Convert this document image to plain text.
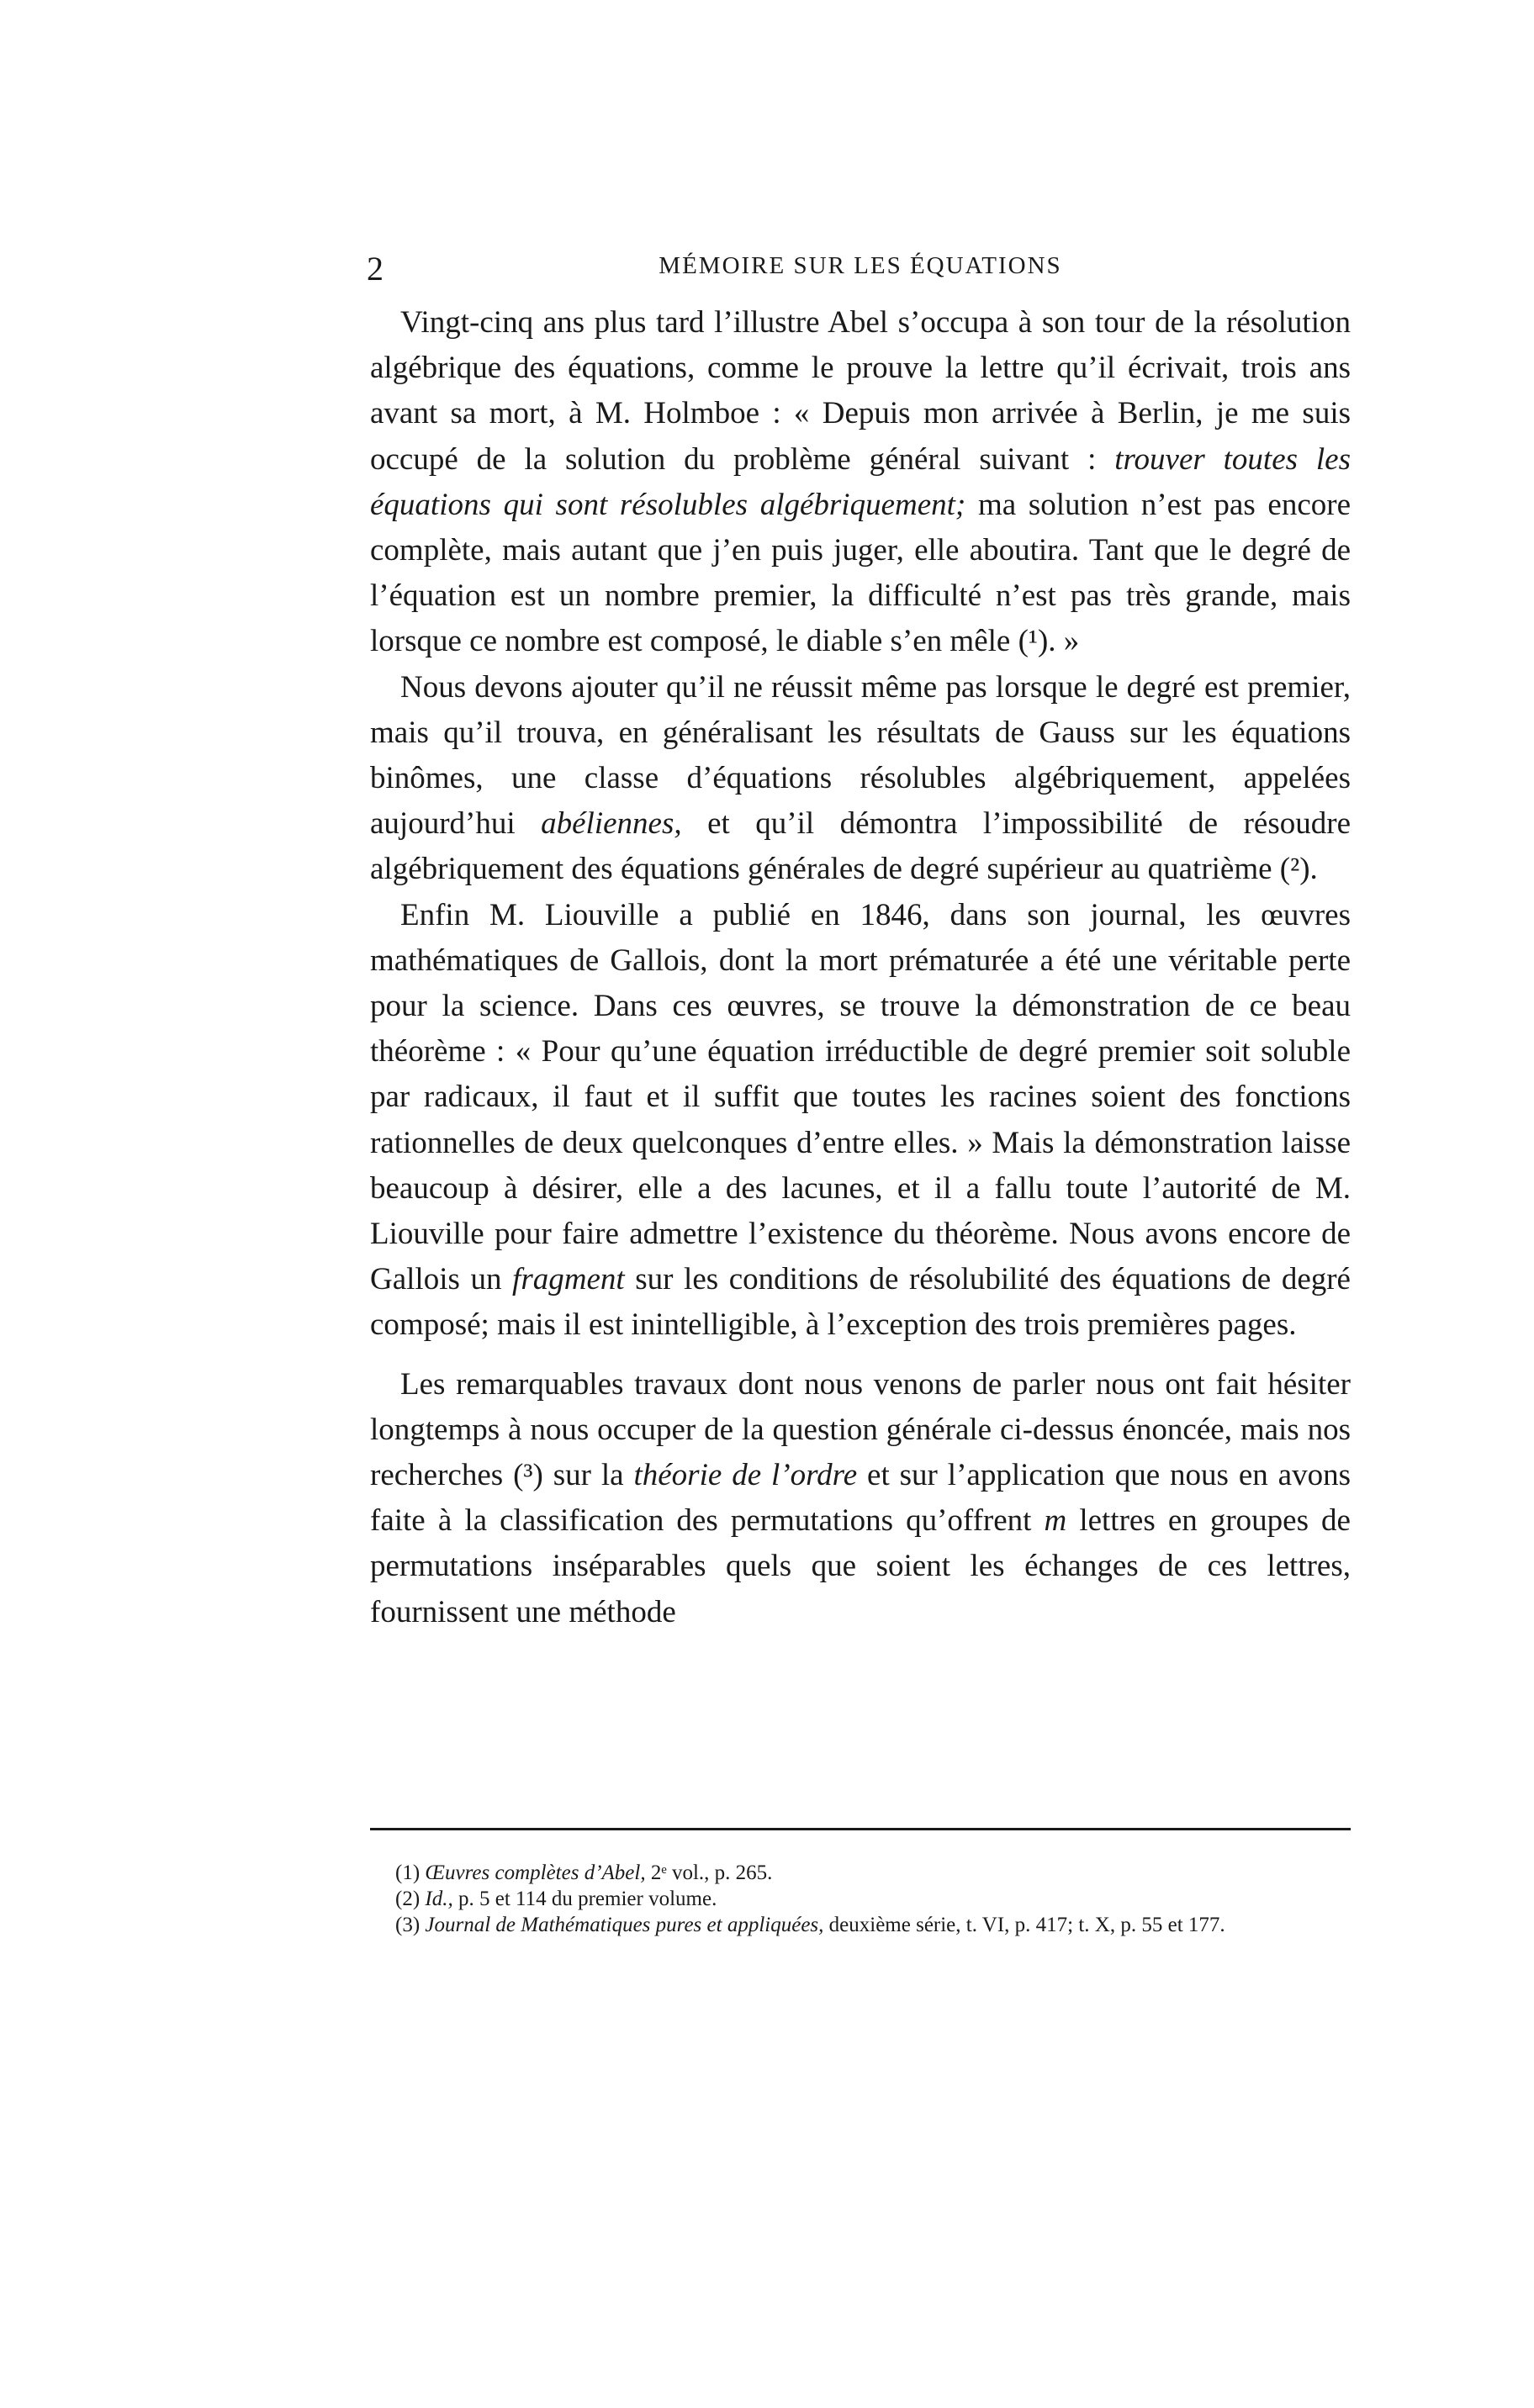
2	MÉMOIRE SUR LES ÉQUATIONS

Vingt-cinq ans plus tard l’illustre Abel s’occupa à son tour de la résolution algébrique des équations, comme le prouve la lettre qu’il écrivait, trois ans avant sa mort, à M. Holmboe : « Depuis mon arrivée à Berlin, je me suis occupé de la solution du problème général suivant : trouver toutes les équations qui sont résolubles algébriquement; ma solution n’est pas encore complète, mais autant que j’en puis juger, elle aboutira. Tant que le degré de l’équation est un nombre premier, la difficulté n’est pas très grande, mais lorsque ce nombre est composé, le diable s’en mêle (¹). »

Nous devons ajouter qu’il ne réussit même pas lorsque le degré est premier, mais qu’il trouva, en généralisant les résultats de Gauss sur les équations binômes, une classe d’équations résolubles algébriquement, appelées aujourd’hui abéliennes, et qu’il démontra l’impossibilité de résoudre algébriquement des équations générales de degré supérieur au quatrième (²).

Enfin M. Liouville a publié en 1846, dans son journal, les œuvres mathématiques de Gallois, dont la mort prématurée a été une véritable perte pour la science. Dans ces œuvres, se trouve la démonstration de ce beau théorème : « Pour qu’une équation irréductible de degré premier soit soluble par radicaux, il faut et il suffit que toutes les racines soient des fonctions rationnelles de deux quelconques d’entre elles. » Mais la démonstration laisse beaucoup à désirer, elle a des lacunes, et il a fallu toute l’autorité de M. Liouville pour faire admettre l’existence du théorème. Nous avons encore de Gallois un fragment sur les conditions de résolubilité des équations de degré composé; mais il est inintelligible, à l’exception des trois premières pages.

Les remarquables travaux dont nous venons de parler nous ont fait hésiter longtemps à nous occuper de la question générale ci-dessus énoncée, mais nos recherches (³) sur la théorie de l’ordre et sur l’application que nous en avons faite à la classification des permutations qu’offrent m lettres en groupes de permutations inséparables quels que soient les échanges de ces lettres, fournissent une méthode

(1) Œuvres complètes d’Abel, 2ᵉ vol., p. 265.

(2) Id., p. 5 et 114 du premier volume.

(3) Journal de Mathématiques pures et appliquées, deuxième série, t. VI, p. 417; t. X, p. 55 et 177.
